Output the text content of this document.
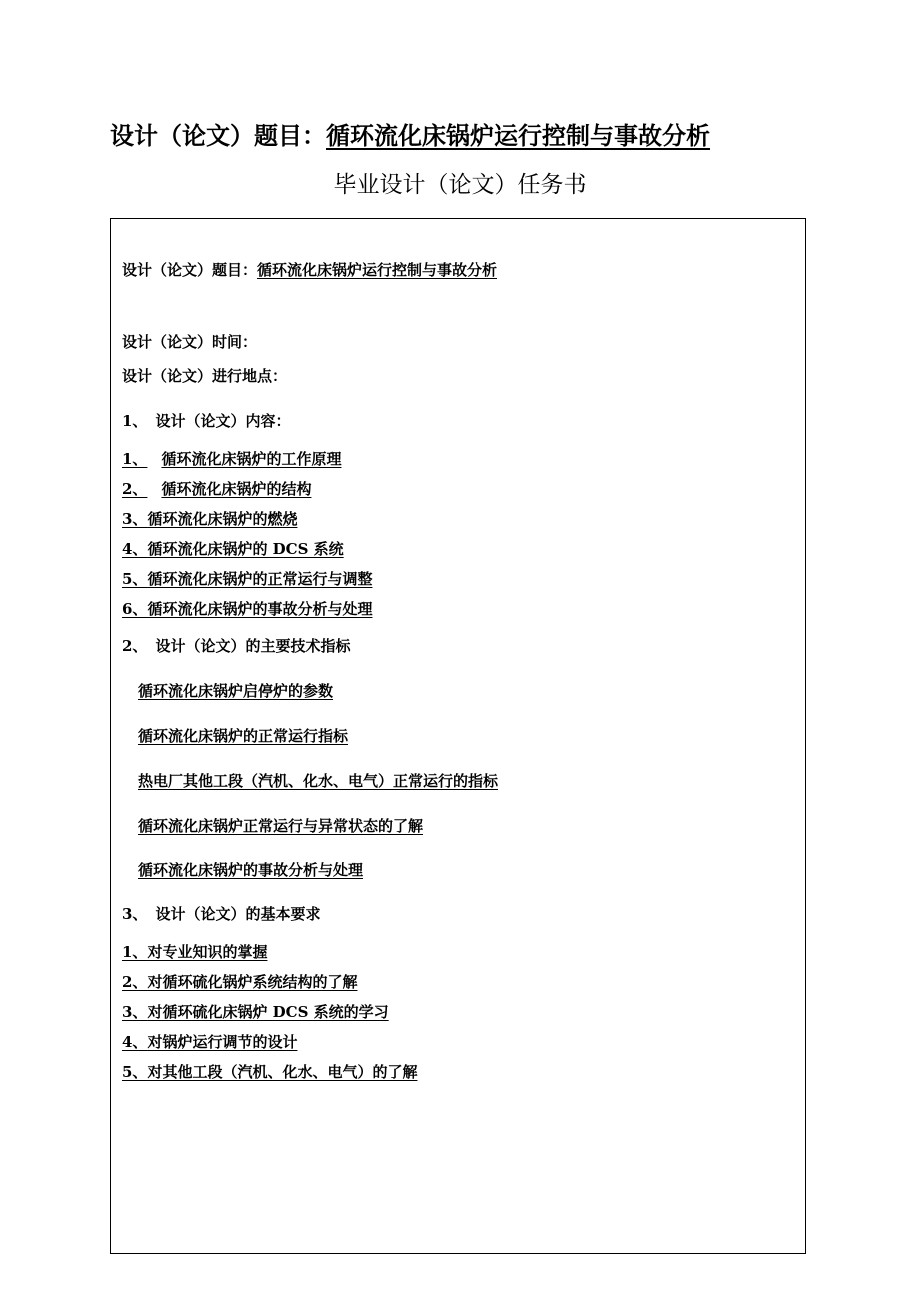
设计（论文）题目：循环流化床锅炉运行控制与事故分析
毕业设计（论文）任务书
设计（论文）题目：循环流化床锅炉运行控制与事故分析
设计（论文）时间：
设计（论文）进行地点：
1、 设计（论文）内容：
1、 循环流化床锅炉的工作原理
2、 循环流化床锅炉的结构
3、循环流化床锅炉的燃烧
4、循环流化床锅炉的 DCS 系统
5、循环流化床锅炉的正常运行与调整
6、循环流化床锅炉的事故分析与处理
2、 设计（论文）的主要技术指标
循环流化床锅炉启停炉的参数
循环流化床锅炉的正常运行指标
热电厂其他工段（汽机、化水、电气）正常运行的指标
循环流化床锅炉正常运行与异常状态的了解
循环流化床锅炉的事故分析与处理
3、 设计（论文）的基本要求
1、对专业知识的掌握
2、对循环硫化锅炉系统结构的了解
3、对循环硫化床锅炉 DCS 系统的学习
4、对锅炉运行调节的设计
5、对其他工段（汽机、化水、电气）的了解
